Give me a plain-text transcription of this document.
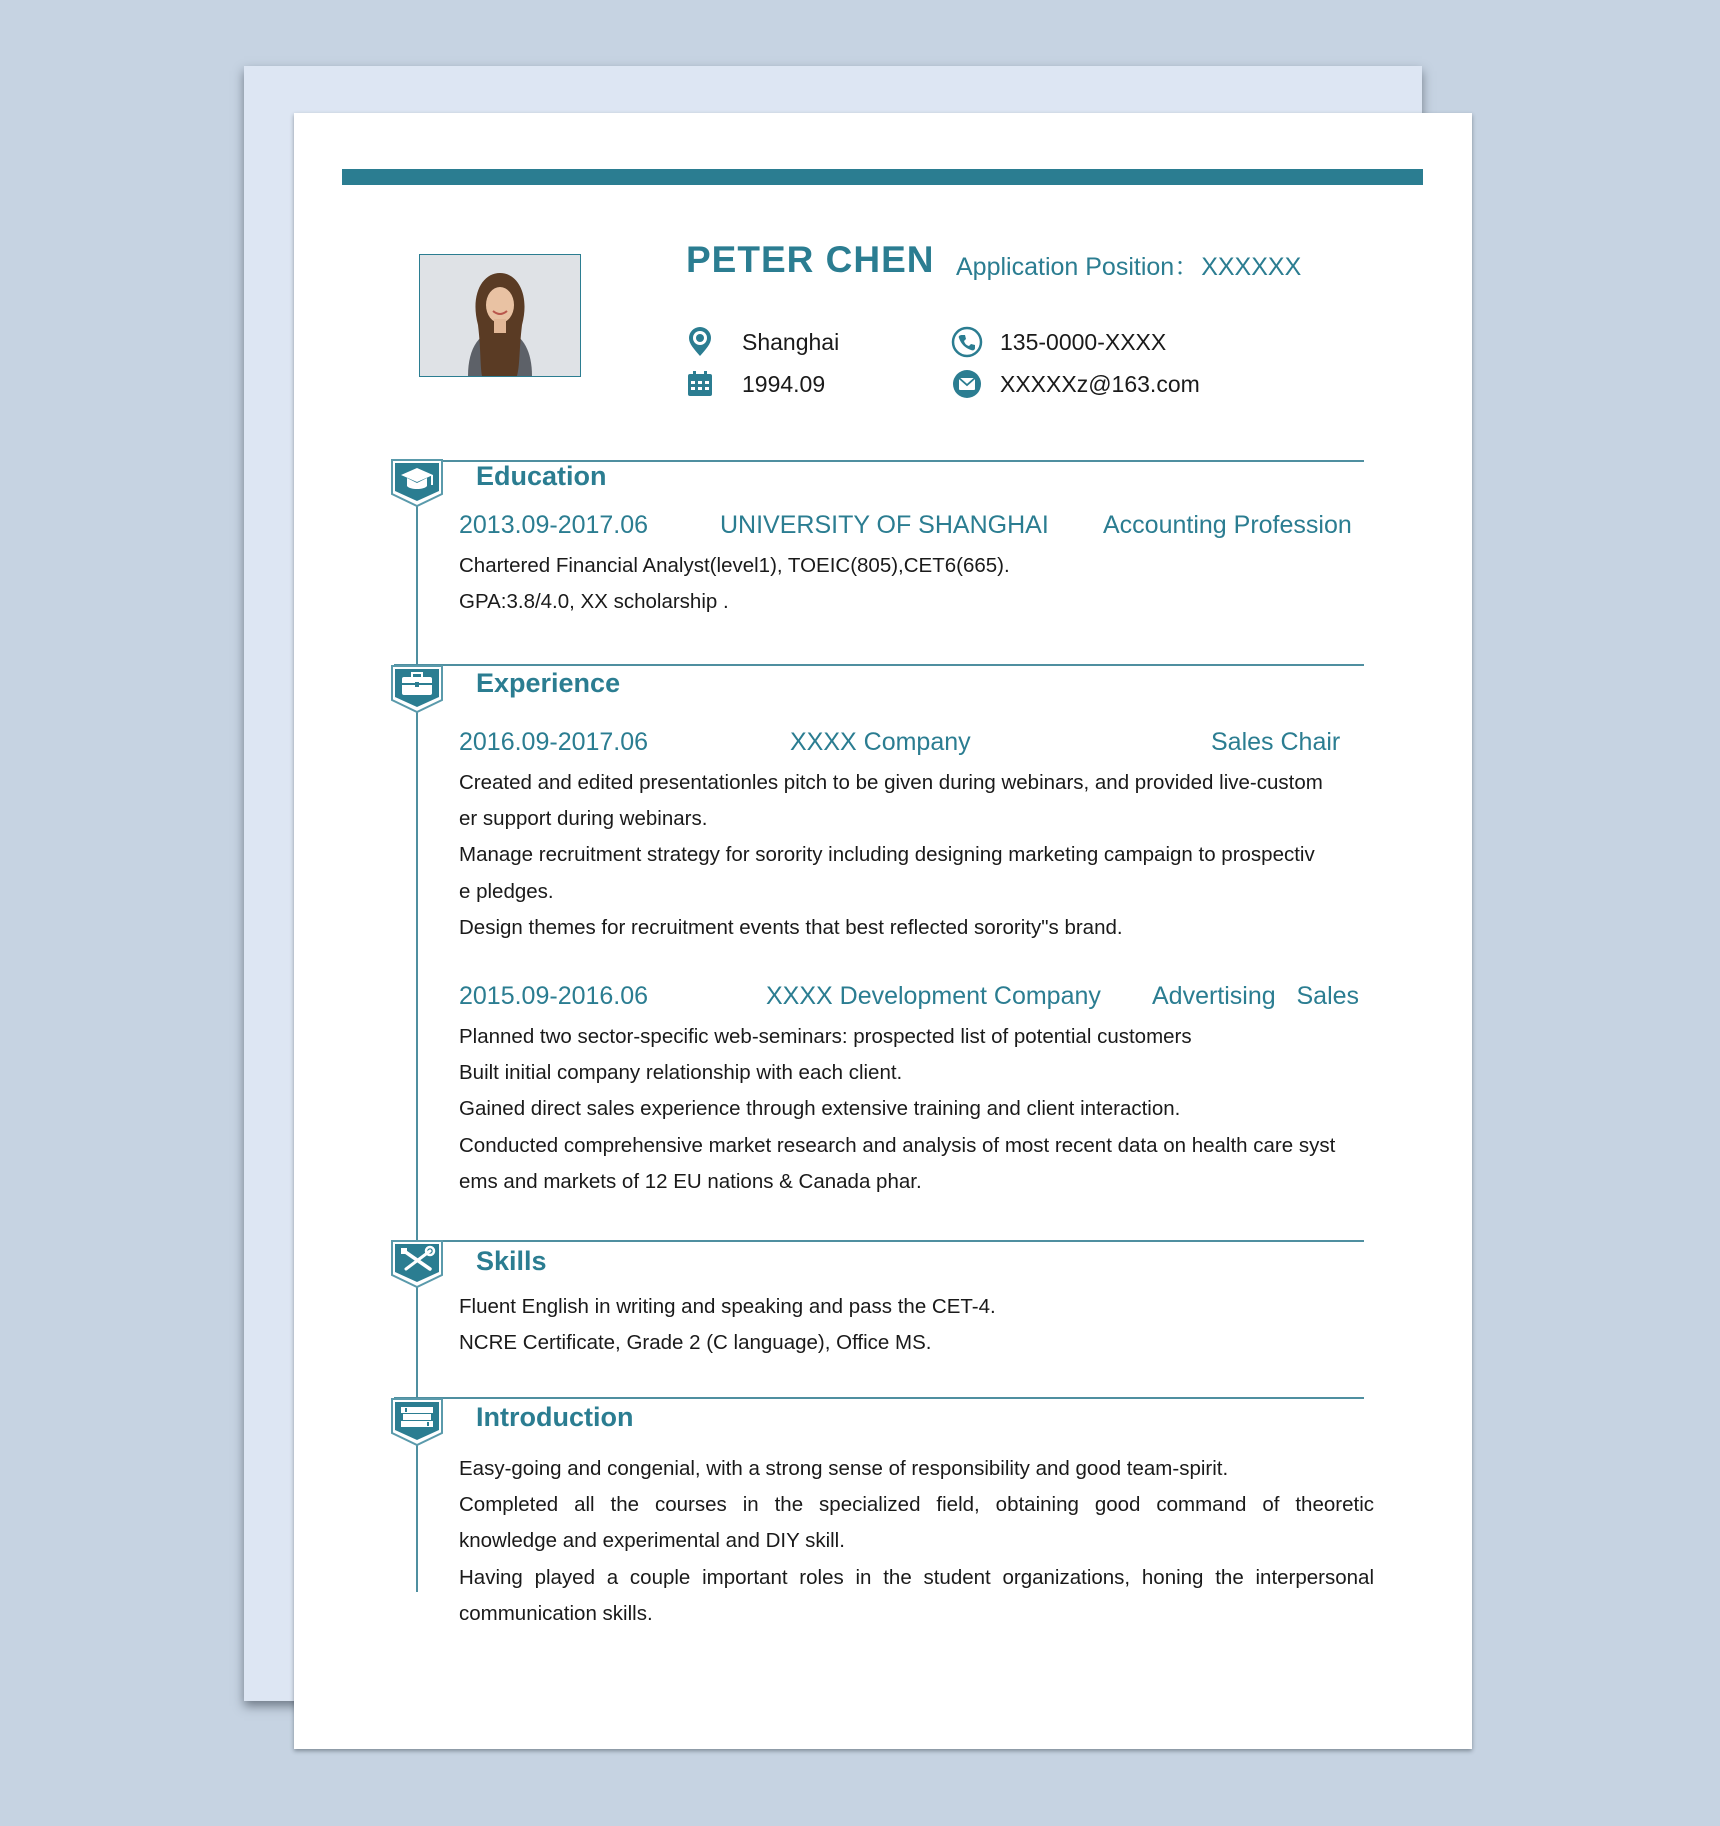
PETER CHEN Application Position：XXXXXX
Shanghai	135-0000-XXXX
1994.09	XXXXXz@163.com
Education
2013.09-2017.06	UNIVERSITY OF SHANGHAI Accounting Profession
Chartered Financial Analyst(level1), TOEIC(805),CET6(665).
GPA:3.8/4.0, XX scholarship .
Experience
2016.09-2017.06	XXXX Company	Sales Chair
Created and edited presentationles pitch to be given during webinars, and provided live-custom
er support during webinars.
Manage recruitment strategy for sorority including designing marketing campaign to prospectiv
e pledges.
Design themes for recruitment events that best reflected sorority"s brand.
2015.09-2016.06	XXXX Development Company Advertising   Sales
Planned two sector-specific web-seminars: prospected list of potential customers
Built initial company relationship with each client.
Gained direct sales experience through extensive training and client interaction.
Conducted comprehensive market research and analysis of most recent data on health care syst
ems and markets of 12 EU nations & Canada phar.
Skills
Fluent English in writing and speaking and pass the CET-4.
NCRE Certificate, Grade 2 (C language), Office MS.
Introduction
Easy-going and congenial, with a strong sense of responsibility and good team-spirit.
Completed all the courses in the specialized field, obtaining good command of theoretic
knowledge and experimental and DIY skill.
Having played a couple important roles in the student organizations, honing the interpersonal
communication skills.
